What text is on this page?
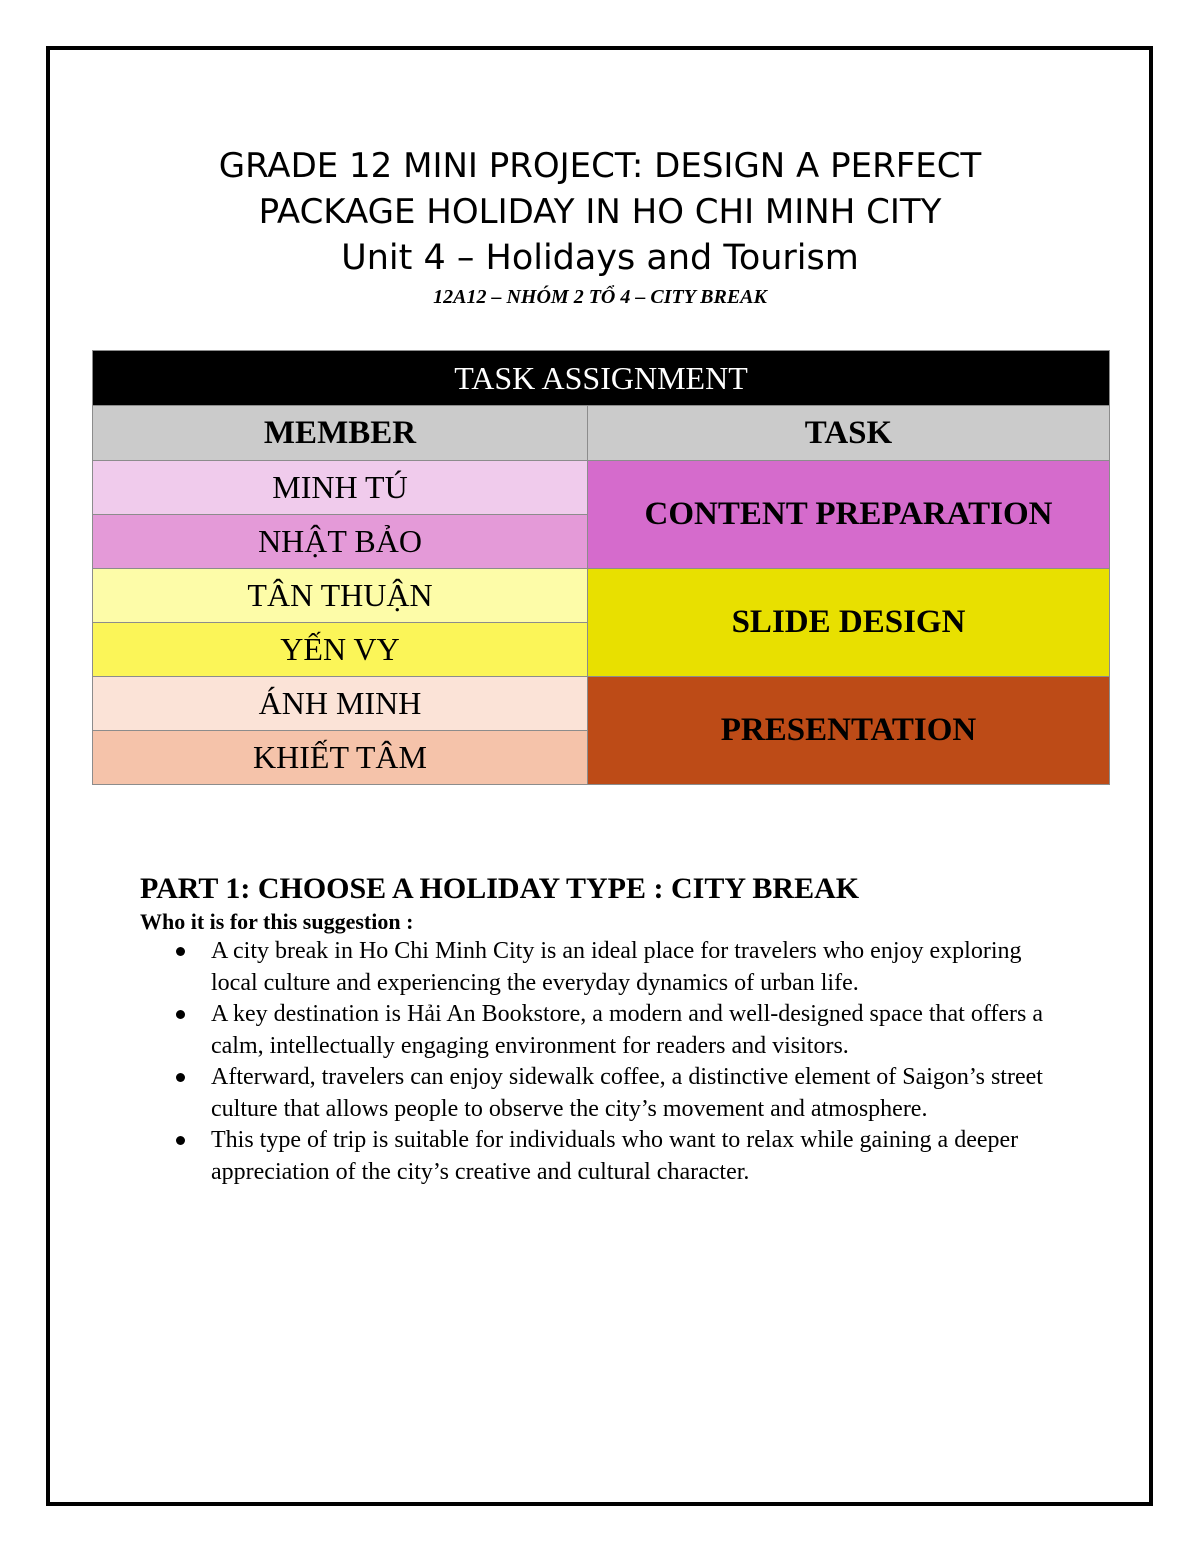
GRADE 12 MINI PROJECT: DESIGN A PERFECT
PACKAGE HOLIDAY IN HO CHI MINH CITY
Unit 4 – Holidays and Tourism
12A12 – NHÓM 2 TỔ 4 – CITY BREAK
TASK ASSIGNMENT	
MEMBER	TASK
MINH TÚ	CONTENT PREPARATION
NHẬT BẢO	
TÂN THUẬN	SLIDE DESIGN
YẾN VY	
ÁNH MINH	PRESENTATION
KHIẾT TÂM	
PART 1: CHOOSE A HOLIDAY TYPE : CITY BREAK

Who it is for this suggestion :

A city break in Ho Chi Minh City is an ideal place for travelers who enjoy exploring local culture and experiencing the everyday dynamics of urban life.
A key destination is Hải An Bookstore, a modern and well-designed space that offers a calm, intellectually engaging environment for readers and visitors.
Afterward, travelers can enjoy sidewalk coffee, a distinctive element of Saigon’s street culture that allows people to observe the city’s movement and atmosphere.
This type of trip is suitable for individuals who want to relax while gaining a deeper appreciation of the city’s creative and cultural character.
